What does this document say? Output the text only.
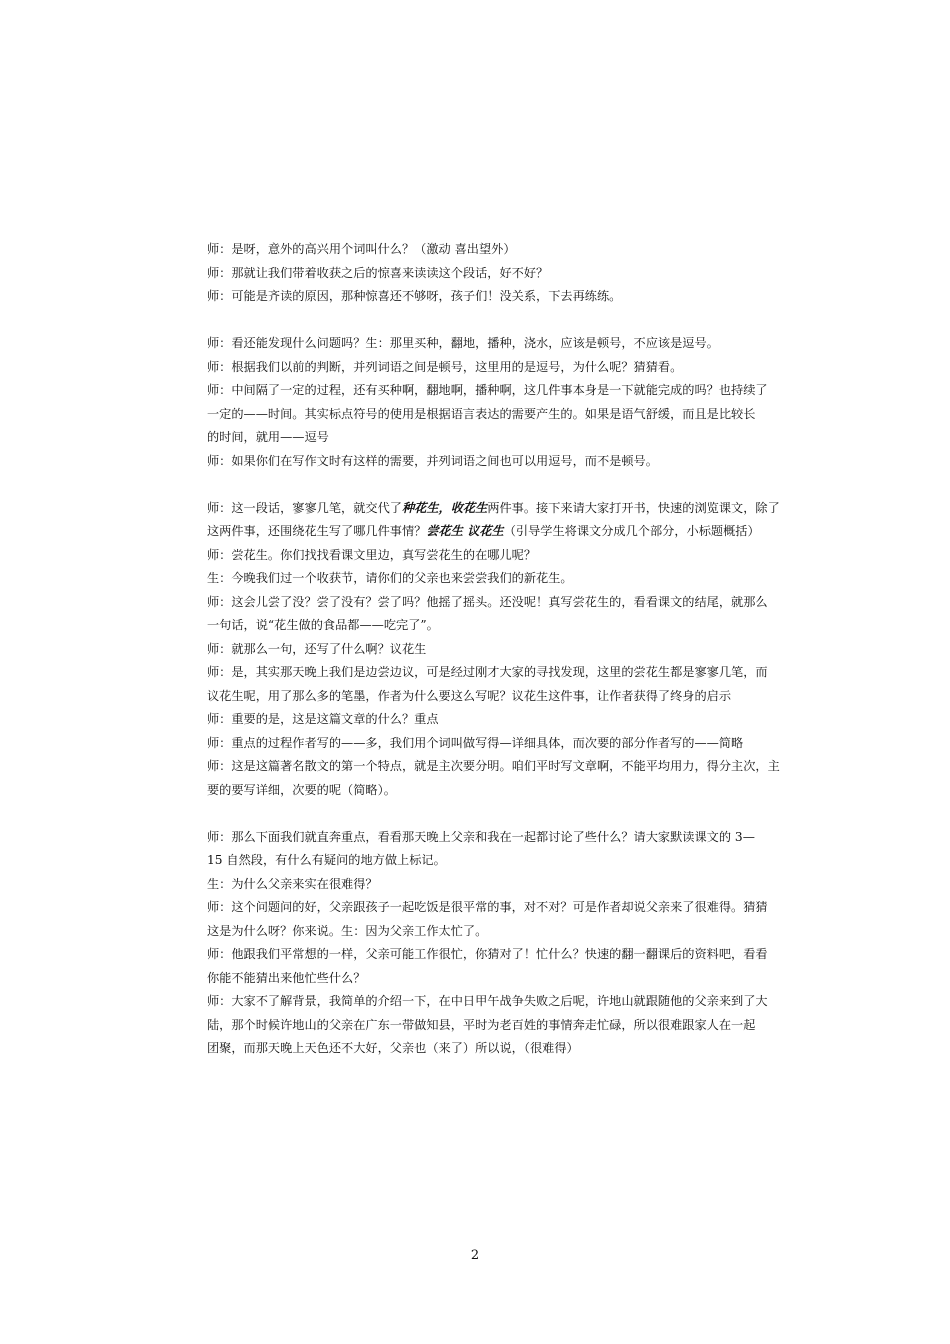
师：是呀，意外的高兴用个词叫什么？（激动 喜出望外）
师：那就让我们带着收获之后的惊喜来读读这个段话，好不好？
师：可能是齐读的原因，那种惊喜还不够呀，孩子们！没关系，下去再练练。
师：看还能发现什么问题吗？生：那里买种，翻地，播种，浇水，应该是顿号，不应该是逗号。
师：根据我们以前的判断，并列词语之间是顿号，这里用的是逗号，为什么呢？猜猜看。
师：中间隔了一定的过程，还有买种啊，翻地啊，播种啊，这几件事本身是一下就能完成的吗？也持续了
一定的——时间。其实标点符号的使用是根据语言表达的需要产生的。如果是语气舒缓，而且是比较长
的时间，就用——逗号
师：如果你们在写作文时有这样的需要，并列词语之间也可以用逗号，而不是顿号。
师：这一段话，寥寥几笔，就交代了种花生，收花生两件事。接下来请大家打开书，快速的浏览课文，除了
这两件事，还围绕花生写了哪几件事情？尝花生 议花生（引导学生将课文分成几个部分，小标题概括）
师：尝花生。你们找找看课文里边，真写尝花生的在哪儿呢？
生：今晚我们过一个收获节，请你们的父亲也来尝尝我们的新花生。
师：这会儿尝了没？尝了没有？尝了吗？他摇了摇头。还没呢！真写尝花生的，看看课文的结尾，就那么
一句话，说“花生做的食品都——吃完了”。
师：就那么一句，还写了什么啊？议花生
师：是，其实那天晚上我们是边尝边议，可是经过刚才大家的寻找发现，这里的尝花生都是寥寥几笔，而
议花生呢，用了那么多的笔墨，作者为什么要这么写呢？议花生这件事，让作者获得了终身的启示
师：重要的是，这是这篇文章的什么？重点
师：重点的过程作者写的——多，我们用个词叫做写得—详细具体，而次要的部分作者写的——简略
师：这是这篇著名散文的第一个特点，就是主次要分明。咱们平时写文章啊，不能平均用力，得分主次，主
要的要写详细，次要的呢（简略）。
师：那么下面我们就直奔重点，看看那天晚上父亲和我在一起都讨论了些什么？请大家默读课文的 3—
15 自然段，有什么有疑问的地方做上标记。
生：为什么父亲来实在很难得？
师：这个问题问的好，父亲跟孩子一起吃饭是很平常的事，对不对？可是作者却说父亲来了很难得。猜猜
这是为什么呀？你来说。生：因为父亲工作太忙了。
师：他跟我们平常想的一样，父亲可能工作很忙，你猜对了！忙什么？快速的翻一翻课后的资料吧，看看
你能不能猜出来他忙些什么？
师：大家不了解背景，我简单的介绍一下，在中日甲午战争失败之后呢，许地山就跟随他的父亲来到了大
陆，那个时候许地山的父亲在广东一带做知县，平时为老百姓的事情奔走忙碌，所以很难跟家人在一起
团聚，而那天晚上天色还不大好，父亲也（来了）所以说，（很难得）
2
